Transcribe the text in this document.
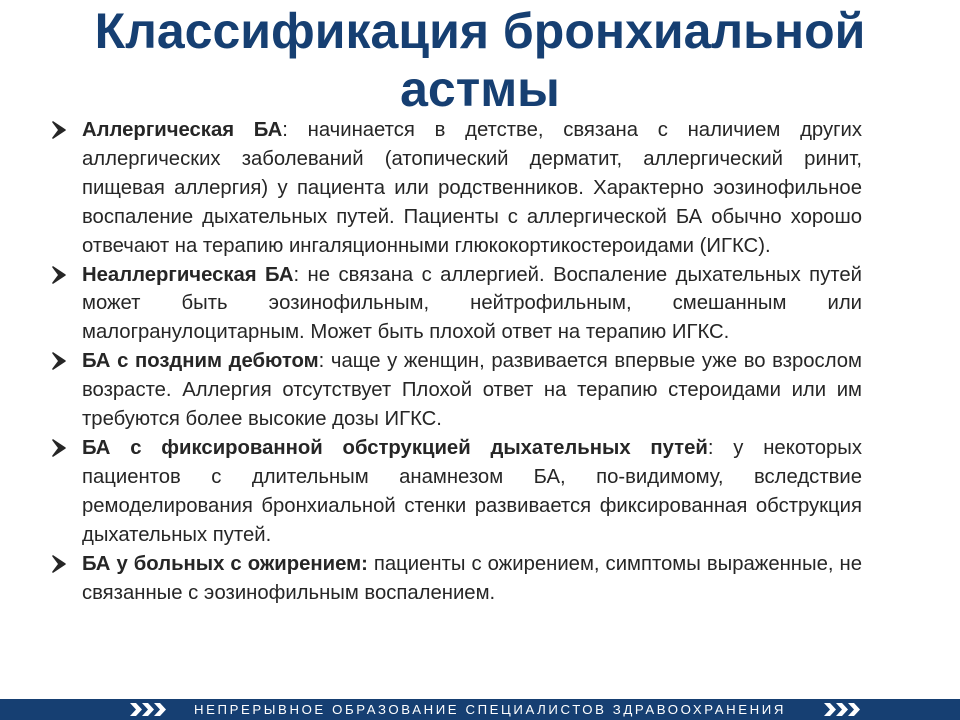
Классификация бронхиальной астмы

Аллергическая БА: начинается в детстве, связана с наличием других аллергических заболеваний (атопический дерматит, аллергический ринит, пищевая аллергия) у пациента или родственников. Характерно эозинофильное воспаление дыхательных путей. Пациенты с аллергической БА обычно хорошо отвечают на терапию ингаляционными глюкокортикостероидами (ИГКС).

Неаллергическая БА: не связана с аллергией. Воспаление дыхательных путей может быть эозинофильным, нейтрофильным, смешанным или малогранулоцитарным. Может быть плохой ответ на терапию ИГКС.

БА с поздним дебютом: чаще у женщин, развивается впервые уже во взрослом возрасте. Аллергия отсутствует Плохой ответ на терапию стероидами или им требуются более высокие дозы ИГКС.

БА с фиксированной обструкцией дыхательных путей: у некоторых пациентов с длительным анамнезом БА, по-видимому, вследствие ремоделирования бронхиальной стенки развивается фиксированная обструкция дыхательных путей.

БА у больных с ожирением: пациенты с ожирением, симптомы выраженные, не связанные с эозинофильным воспалением.

НЕПРЕРЫВНОЕ ОБРАЗОВАНИЕ СПЕЦИАЛИСТОВ ЗДРАВООХРАНЕНИЯ
